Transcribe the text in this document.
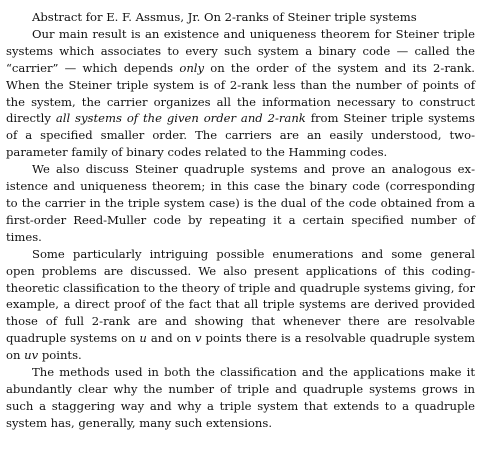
Abstract for E. F. Assmus, Jr. On 2-ranks of Steiner triple systems

Our main result is an existence and uniqueness theorem for Steiner triple systems which associates to every such system a binary code — called the “carrier” — which depends only on the order of the system and its 2-rank. When the Steiner triple system is of 2-rank less than the number of points of the system, the carrier organizes all the information necessary to construct directly all systems of the given order and 2-rank from Steiner triple systems of a specified smaller order. The carriers are an easily understood, two-parameter family of binary codes related to the Hamming codes.

We also discuss Steiner quadruple systems and prove an analogous existence and uniqueness theorem; in this case the binary code (corresponding to the carrier in the triple system case) is the dual of the code obtained from a first-order Reed-Muller code by repeating it a certain specified number of times.

Some particularly intriguing possible enumerations and some general open problems are discussed. We also present applications of this coding-theoretic classification to the theory of triple and quadruple systems giving, for example, a direct proof of the fact that all triple systems are derived provided those of full 2-rank are and showing that whenever there are resolvable quadruple systems on u and on v points there is a resolvable quadruple system on uv points.

The methods used in both the classification and the applications make it abundantly clear why the number of triple and quadruple systems grows in such a staggering way and why a triple system that extends to a quadruple system has, generally, many such extensions.
